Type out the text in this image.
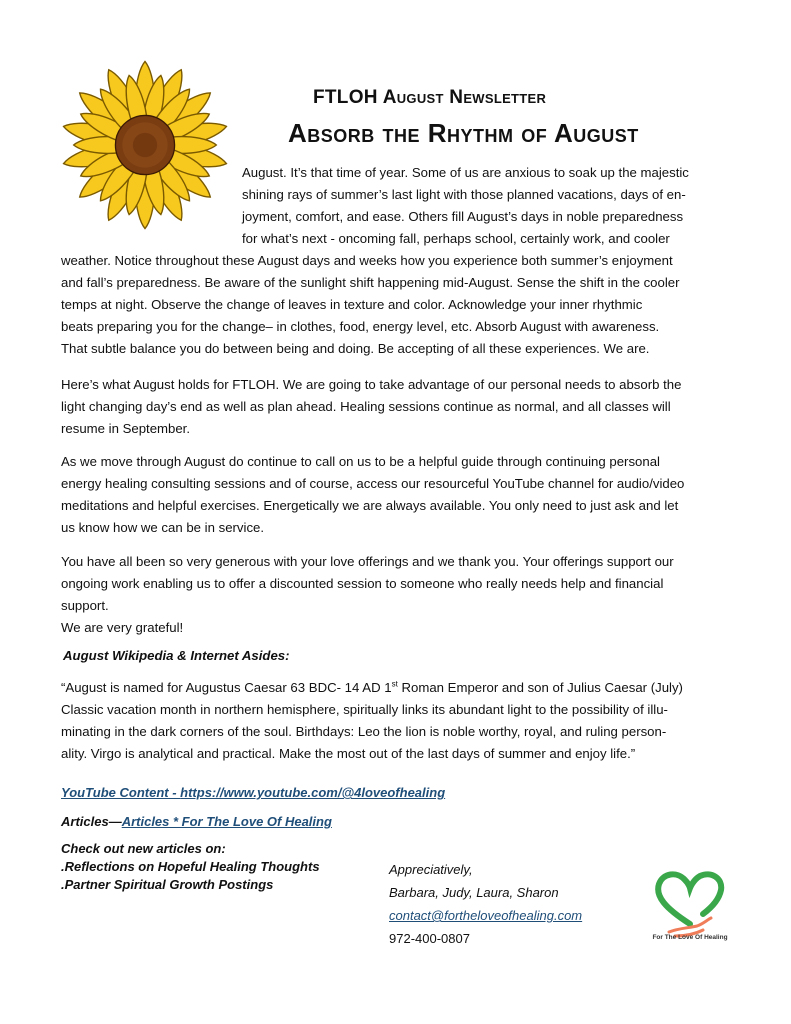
FTLOH August Newsletter
Absorb the Rhythm of August
August. It’s that time of year. Some of us are anxious to soak up the majestic
shining rays of summer’s last light with those planned vacations, days of en-
joyment, comfort, and ease. Others fill August’s days in noble preparedness
for what’s next - oncoming fall, perhaps school, certainly work, and cooler
weather. Notice throughout these August days and weeks how you experience both summer’s enjoyment
and fall’s preparedness. Be aware of the sunlight shift happening mid-August. Sense the shift in the cooler
temps at night. Observe the change of leaves in texture and color. Acknowledge your inner rhythmic
beats preparing you for the change– in clothes, food, energy level, etc. Absorb August with awareness.
That subtle balance you do between being and doing. Be accepting of all these experiences. We are.
Here’s what August holds for FTLOH. We are going to take advantage of our personal needs to absorb the
light changing day’s end as well as plan ahead. Healing sessions continue as normal, and all classes will
resume in September.
As we move through August do continue to call on us to be a helpful guide through continuing personal
energy healing consulting sessions and of course, access our resourceful YouTube channel for audio/video
meditations and helpful exercises. Energetically we are always available. You only need to just ask and let
us know how we can be in service.
You have all been so very generous with your love offerings and we thank you. Your offerings support our
ongoing work enabling us to offer a discounted session to someone who really needs help and financial
support.
We are very grateful!
August Wikipedia & Internet Asides:
“August is named for Augustus Caesar 63 BDC- 14 AD 1st Roman Emperor and son of Julius Caesar (July)
Classic vacation month in northern hemisphere, spiritually links its abundant light to the possibility of illu-
minating in the dark corners of the soul. Birthdays: Leo the lion is noble worthy, royal, and ruling person-
ality. Virgo is analytical and practical. Make the most out of the last days of summer and enjoy life.”
YouTube Content - https://www.youtube.com/@4loveofhealing
Articles—Articles * For The Love Of Healing
Check out new articles on:
.Reflections on Hopeful Healing Thoughts
.Partner Spiritual Growth Postings
Appreciatively,
Barbara, Judy, Laura, Sharon
contact@fortheloveofhealing.com
972-400-0807	For The Love Of Healing
